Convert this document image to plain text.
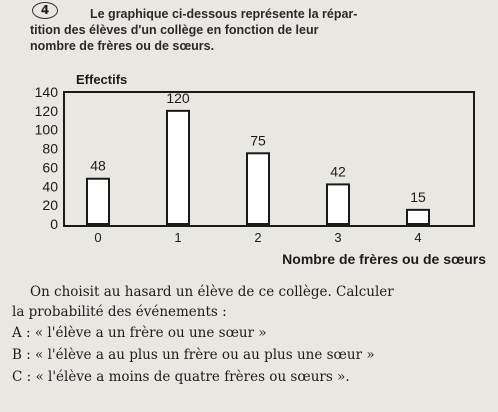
4	Le graphique ci-dessous représente la répar-
tition des élèves d'un collège en fonction de leur
nombre de frères ou de sœurs.
Effectifs
0
20
40
60
80
100
120
140
48
120
75
42
15
0	1	2	3	4
Nombre de frères ou de sœurs
On choisit au hasard un élève de ce collège. Calculer
la probabilité des événements :
A : « l'élève a un frère ou une sœur »
B : « l'élève a au plus un frère ou au plus une sœur »
C : « l'élève a moins de quatre frères ou sœurs ».
